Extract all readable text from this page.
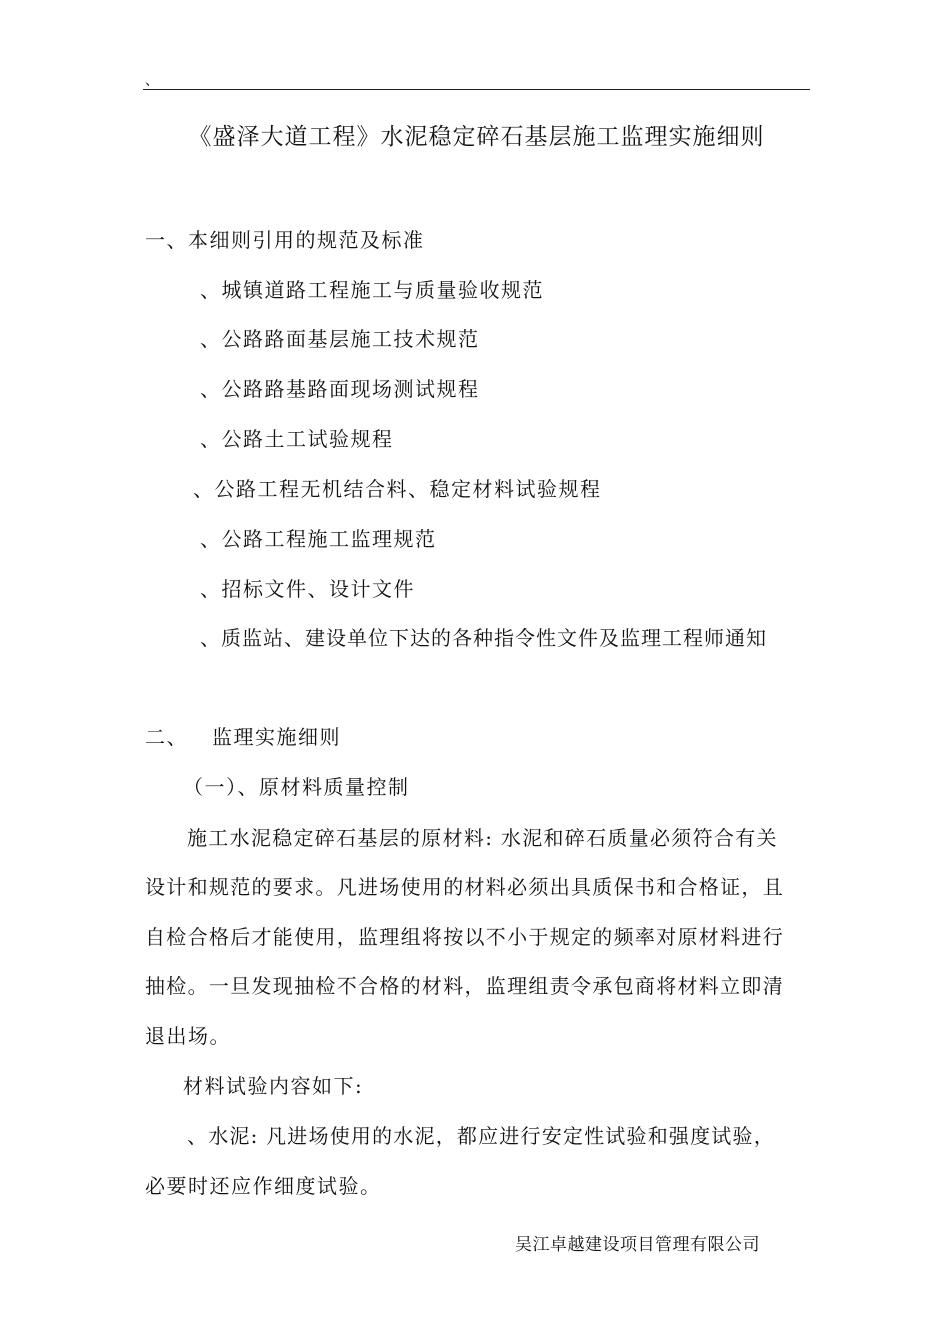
、
《盛泽大道工程》水泥稳定碎石基层施工监理实施细则
一、本细则引用的规范及标准
、城镇道路工程施工与质量验收规范
、公路路面基层施工技术规范
、公路路基路面现场测试规程
、公路土工试验规程
、公路工程无机结合料、稳定材料试验规程
、公路工程施工监理规范
、招标文件、设计文件
、质监站、建设单位下达的各种指令性文件及监理工程师通知
二、 监理实施细则
（一）、原材料质量控制
施工水泥稳定碎石基层的原材料: 水泥和碎石质量必须符合有关
设计和规范的要求。凡进场使用的材料必须出具质保书和合格证，且
自检合格后才能使用，监理组将按以不小于规定的频率对原材料进行
抽检。一旦发现抽检不合格的材料，监理组责令承包商将材料立即清
退出场。
材料试验内容如下:
、水泥: 凡进场使用的水泥，都应进行安定性试验和强度试验，
必要时还应作细度试验。
吴江卓越建设项目管理有限公司
